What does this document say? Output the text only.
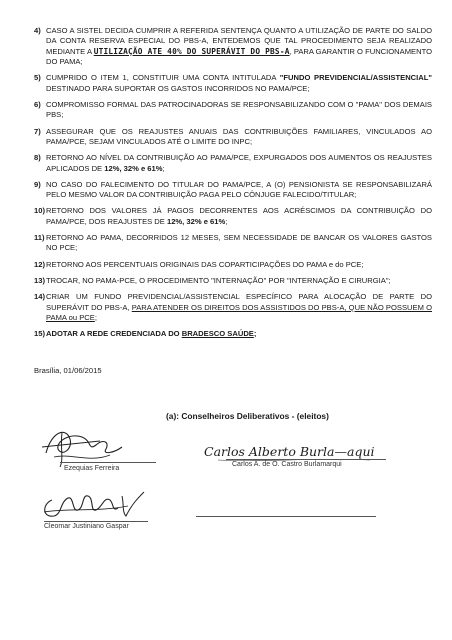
4) CASO A SISTEL DECIDA CUMPRIR A REFERIDA SENTENÇA QUANTO A UTILIZAÇÃO DE PARTE DO SALDO DA CONTA RESERVA ESPECIAL DO PBS-A, ENTEDEMOS QUE TAL PROCEDIMENTO SEJA REALIZADO MEDIANTE A UTILIZAÇÃO ATE 40% DO SUPERÁVIT DO PBS-A, PARA GARANTIR O FUNCIONAMENTO DO PAMA;
5) CUMPRIDO O ITEM 1, CONSTITUIR UMA CONTA INTITULADA "FUNDO PREVIDENCIAL/ASSISTENCIAL" DESTINADO PARA SUPORTAR OS GASTOS INCORRIDOS NO PAMA/PCE;
6) COMPROMISSO FORMAL DAS PATROCINADORAS SE RESPONSABILIZANDO COM O "PAMA" DOS DEMAIS PBS;
7) ASSEGURAR QUE OS REAJUSTES ANUAIS DAS CONTRIBUIÇÕES FAMILIARES, VINCULADOS AO PAMA/PCE, SEJAM VINCULADOS ATÉ O LIMITE DO INPC;
8) RETORNO AO NÍVEL DA CONTRIBUIÇÃO AO PAMA/PCE, EXPURGADOS DOS AUMENTOS OS REAJUSTES APLICADOS DE 12%, 32% e 61%;
9) NO CASO DO FALECIMENTO DO TITULAR DO PAMA/PCE, A (O) PENSIONISTA SE RESPONSABILIZARÁ PELO MESMO VALOR DA CONTRIBUIÇÃO PAGA PELO CÔNJUGE FALECIDO/TITULAR;
10) RETORNO DOS VALORES JÁ PAGOS DECORRENTES AOS ACRÉSCIMOS DA CONTRIBUIÇÃO DO PAMA/PCE, DOS REAJUSTES DE 12%, 32% e 61%;
11) RETORNO AO PAMA, DECORRIDOS 12 MESES, SEM NECESSIDADE DE BANCAR OS VALORES GASTOS NO PCE;
12) RETORNO AOS PERCENTUAIS ORIGINAIS DAS COPARTICIPAÇÕES DO PAMA e do PCE;
13) TROCAR, NO PAMA-PCE, O PROCEDIMENTO "INTERNAÇÃO" POR "INTERNAÇÃO E CIRURGIA";
14) CRIAR UM FUNDO PREVIDENCIAL/ASSISTENCIAL ESPECÍFICO PARA ALOCAÇÃO DE PARTE DO SUPERÁVIT DO PBS-A, PARA ATENDER OS DIREITOS DOS ASSISTIDOS DO PBS-A, QUE NÃO POSSUEM O PAMA ou PCE;
15) ADOTAR A REDE CREDENCIADA DO BRADESCO SAÚDE;
Brasília, 01/06/2015
(a): Conselheiros Deliberativos - (eleitos)
Ezequias Ferreira
Carlos Alberto Burla—aqui
Carlos A. de O. Castro Burlamarqui
Cleomar Justiniano Gaspar
